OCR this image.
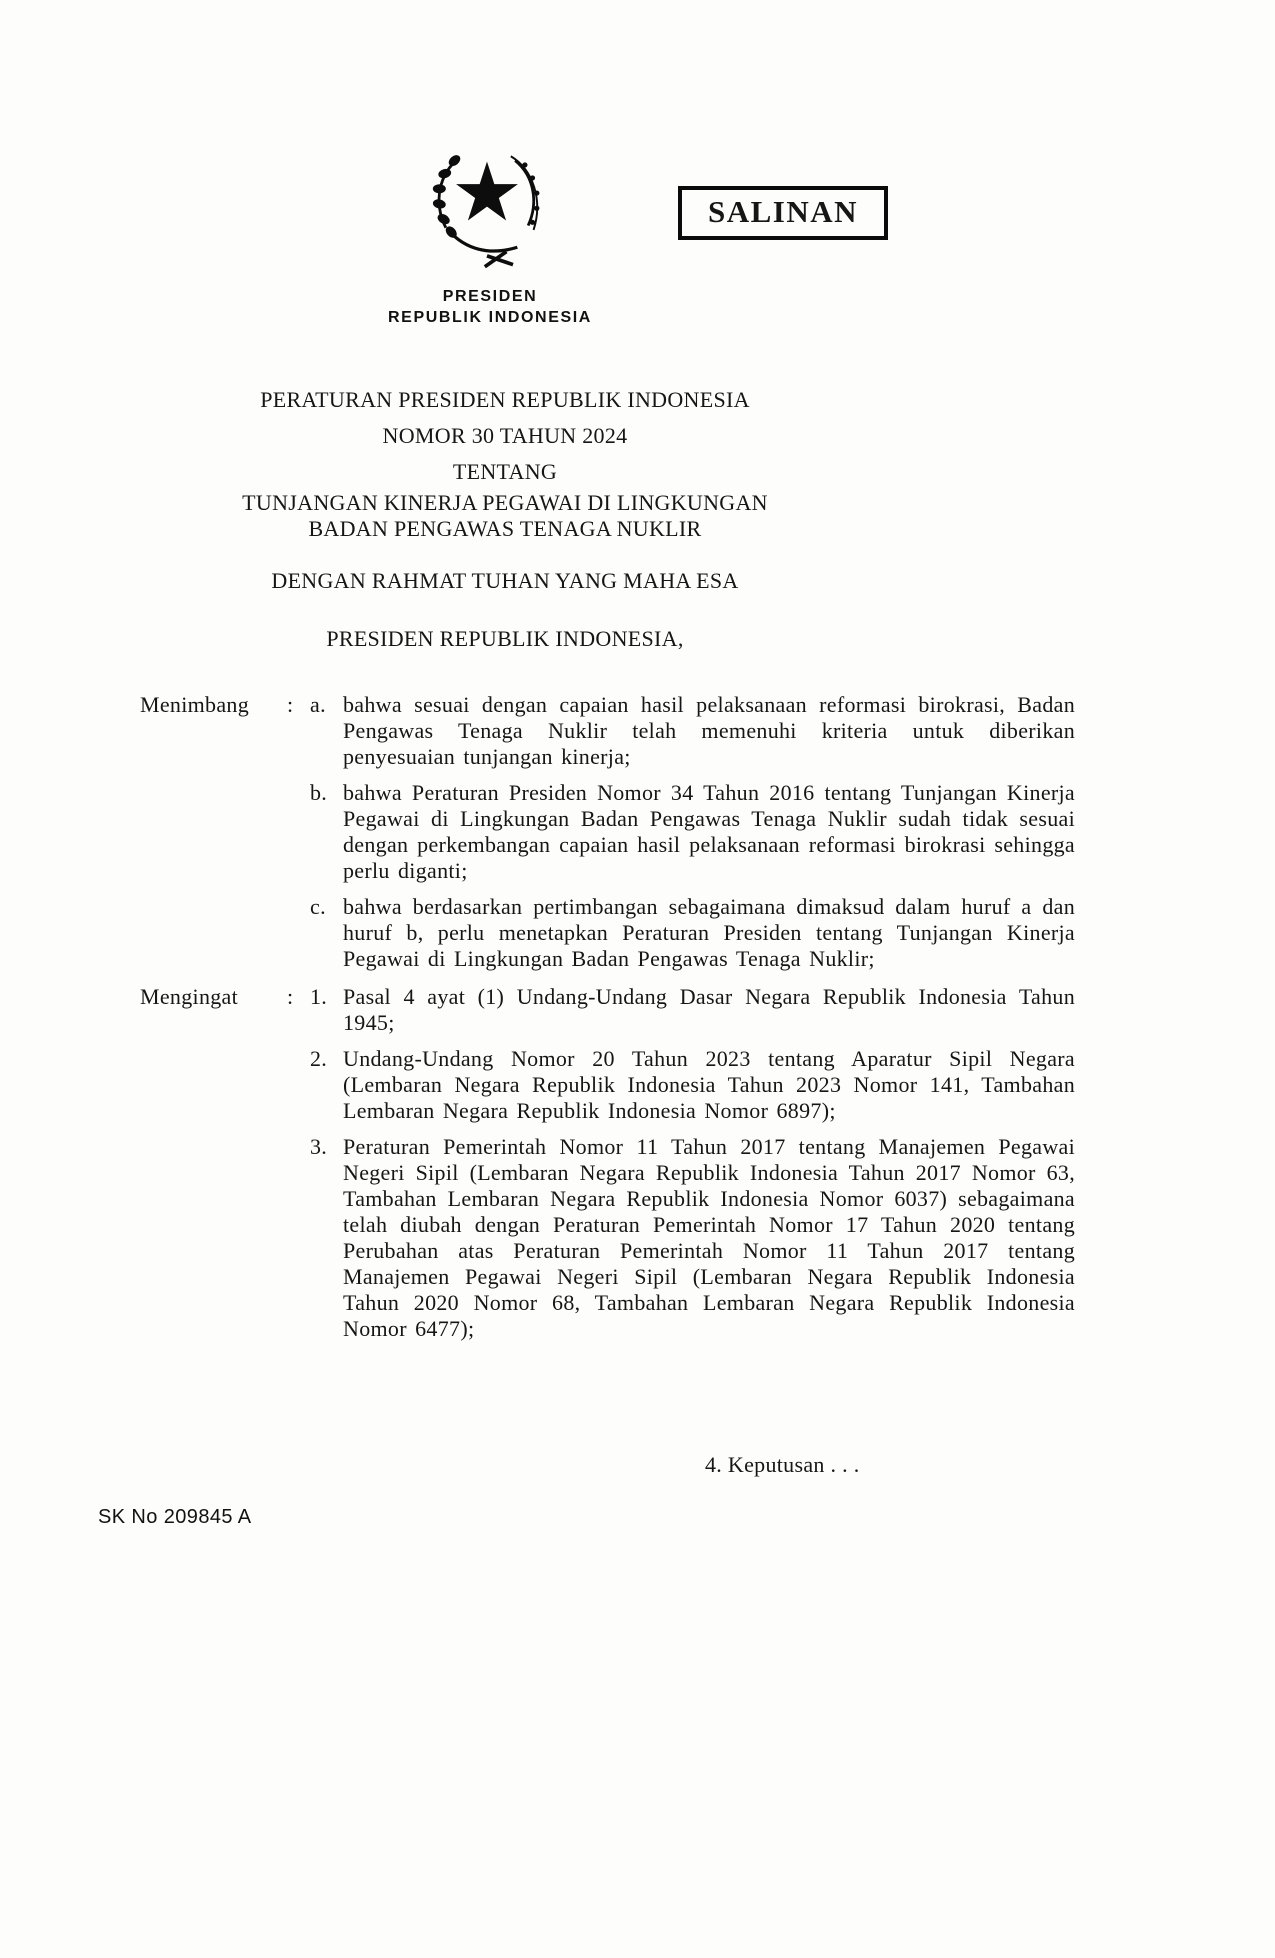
SALINAN
PRESIDEN
REPUBLIK INDONESIA
PERATURAN PRESIDEN REPUBLIK INDONESIA
NOMOR 30 TAHUN 2024
TENTANG
TUNJANGAN KINERJA PEGAWAI DI LINGKUNGAN
BADAN PENGAWAS TENAGA NUKLIR
DENGAN RAHMAT TUHAN YANG MAHA ESA
PRESIDEN REPUBLIK INDONESIA,
Menimbang	: a. bahwa sesuai dengan capaian hasil pelaksanaan reformasi birokrasi, Badan Pengawas Tenaga Nuklir telah memenuhi kriteria untuk diberikan penyesuaian tunjangan kinerja;
b. bahwa Peraturan Presiden Nomor 34 Tahun 2016 tentang Tunjangan Kinerja Pegawai di Lingkungan Badan Pengawas Tenaga Nuklir sudah tidak sesuai dengan perkembangan capaian hasil pelaksanaan reformasi birokrasi sehingga perlu diganti;
c. bahwa berdasarkan pertimbangan sebagaimana dimaksud dalam huruf a dan huruf b, perlu menetapkan Peraturan Presiden tentang Tunjangan Kinerja Pegawai di Lingkungan Badan Pengawas Tenaga Nuklir;
Mengingat	: 1. Pasal 4 ayat (1) Undang-Undang Dasar Negara Republik Indonesia Tahun 1945;
2. Undang-Undang Nomor 20 Tahun 2023 tentang Aparatur Sipil Negara (Lembaran Negara Republik Indonesia Tahun 2023 Nomor 141, Tambahan Lembaran Negara Republik Indonesia Nomor 6897);
3. Peraturan Pemerintah Nomor 11 Tahun 2017 tentang Manajemen Pegawai Negeri Sipil (Lembaran Negara Republik Indonesia Tahun 2017 Nomor 63, Tambahan Lembaran Negara Republik Indonesia Nomor 6037) sebagaimana telah diubah dengan Peraturan Pemerintah Nomor 17 Tahun 2020 tentang Perubahan atas Peraturan Pemerintah Nomor 11 Tahun 2017 tentang Manajemen Pegawai Negeri Sipil (Lembaran Negara Republik Indonesia Tahun 2020 Nomor 68, Tambahan Lembaran Negara Republik Indonesia Nomor 6477);
4. Keputusan . . .
SK No 209845 A
